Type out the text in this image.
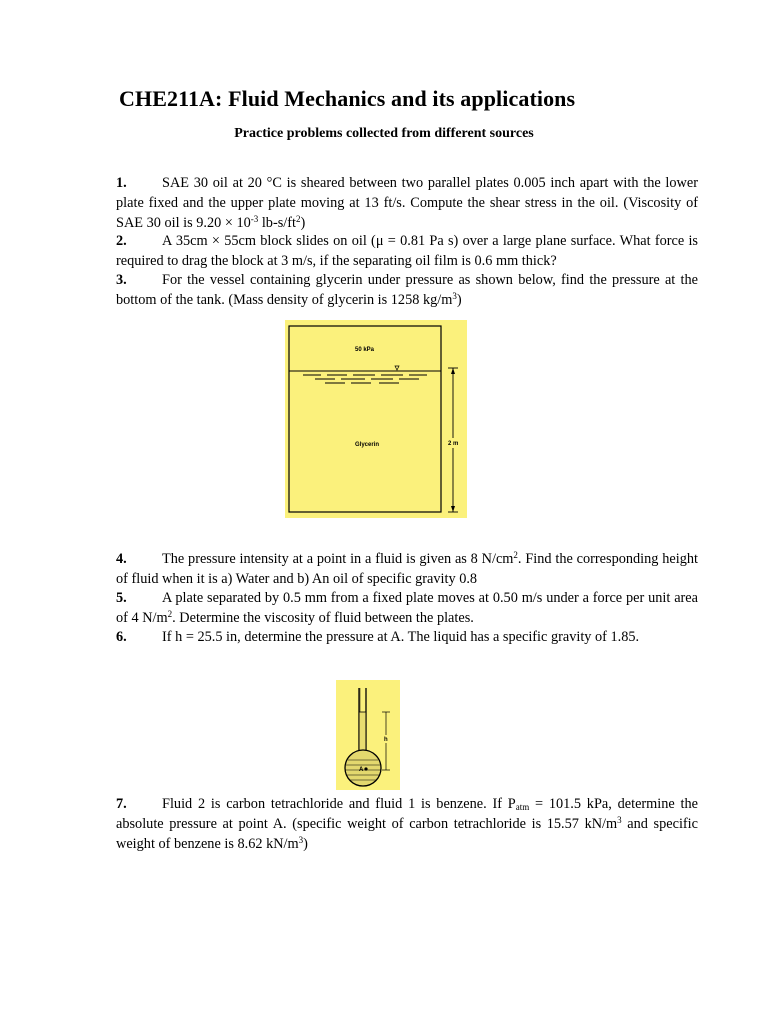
CHE211A: Fluid Mechanics and its applications
Practice problems collected from different sources

1. SAE 30 oil at 20 °C is sheared between two parallel plates 0.005 inch apart with the lower plate fixed and the upper plate moving at 13 ft/s. Compute the shear stress in the oil. (Viscosity of SAE 30 oil is $9.20 \times 10^{-3}$ $lb-s/ft^2$)

2. A 35cm × 55cm block slides on oil (μ = 0.81 Pa s) over a large plane surface. What force is required to drag the block at 3 m/s, if the separating oil film is 0.6 mm thick?

3. For the vessel containing glycerin under pressure as shown below, find the pressure at the bottom of the tank. (Mass density of glycerin is 1258 $kg/m^3$)

50 kPa
Glycerin	2 m

4. The pressure intensity at a point in a fluid is given as 8 $N/cm^2$. Find the corresponding height of fluid when it is a) Water and b) An oil of specific gravity 0.8

5. A plate separated by 0.5 mm from a fixed plate moves at 0.50 m/s under a force per unit area of 4 $N/m^2$. Determine the viscosity of fluid between the plates.

6. If h = 25.5 in, determine the pressure at A. The liquid has a specific gravity of 1.85.

A
h

7. Fluid 2 is carbon tetrachloride and fluid 1 is benzene. If $P_{atm} = 101.5$ kPa, determine the absolute pressure at point A. (specific weight of carbon tetrachloride is 15.57 $kN/m^3$ and specific weight of benzene is 8.62 $kN/m^3$)
